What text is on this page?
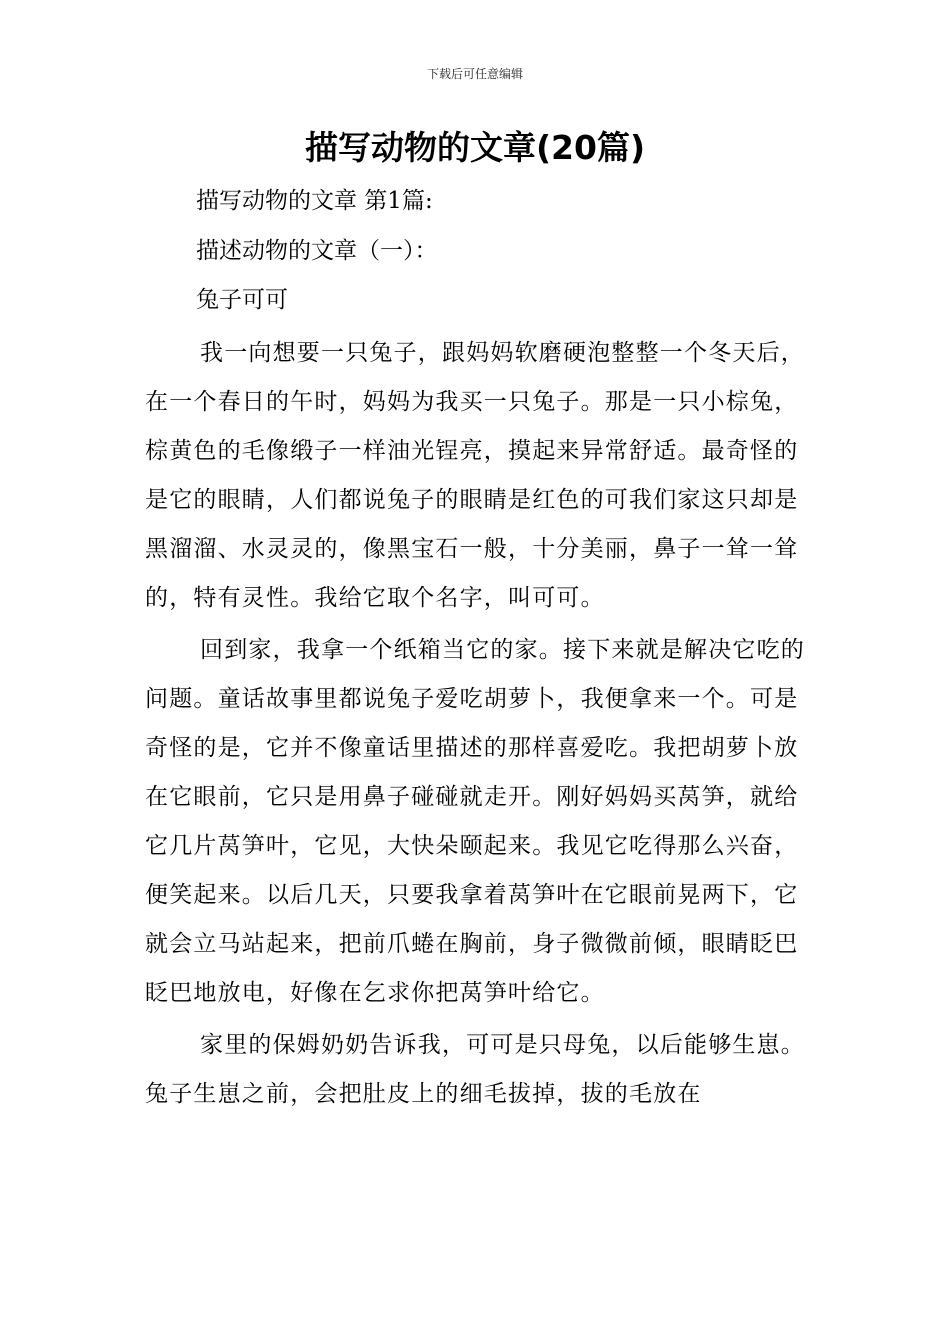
下载后可任意编辑
描写动物的文章(20篇)
描写动物的文章 第1篇:
描述动物的文章（一）：
兔子可可

我一向想要一只兔子，跟妈妈软磨硬泡整整一个冬天后，在一个春日的午时，妈妈为我买一只兔子。那是一只小棕兔，棕黄色的毛像缎子一样油光锃亮，摸起来异常舒适。最奇怪的是它的眼睛，人们都说兔子的眼睛是红色的可我们家这只却是黑溜溜、水灵灵的，像黑宝石一般，十分美丽，鼻子一耸一耸的，特有灵性。我给它取个名字，叫可可。

回到家，我拿一个纸箱当它的家。接下来就是解决它吃的问题。童话故事里都说兔子爱吃胡萝卜，我便拿来一个。可是奇怪的是，它并不像童话里描述的那样喜爱吃。我把胡萝卜放在它眼前，它只是用鼻子碰碰就走开。刚好妈妈买莴笋，就给它几片莴笋叶，它见，大快朵颐起来。我见它吃得那么兴奋，便笑起来。以后几天，只要我拿着莴笋叶在它眼前晃两下，它就会立马站起来，把前爪蜷在胸前，身子微微前倾，眼睛眨巴眨巴地放电，好像在乞求你把莴笋叶给它。

家里的保姆奶奶告诉我，可可是只母兔，以后能够生崽。兔子生崽之前，会把肚皮上的细毛拔掉，拔的毛放在
